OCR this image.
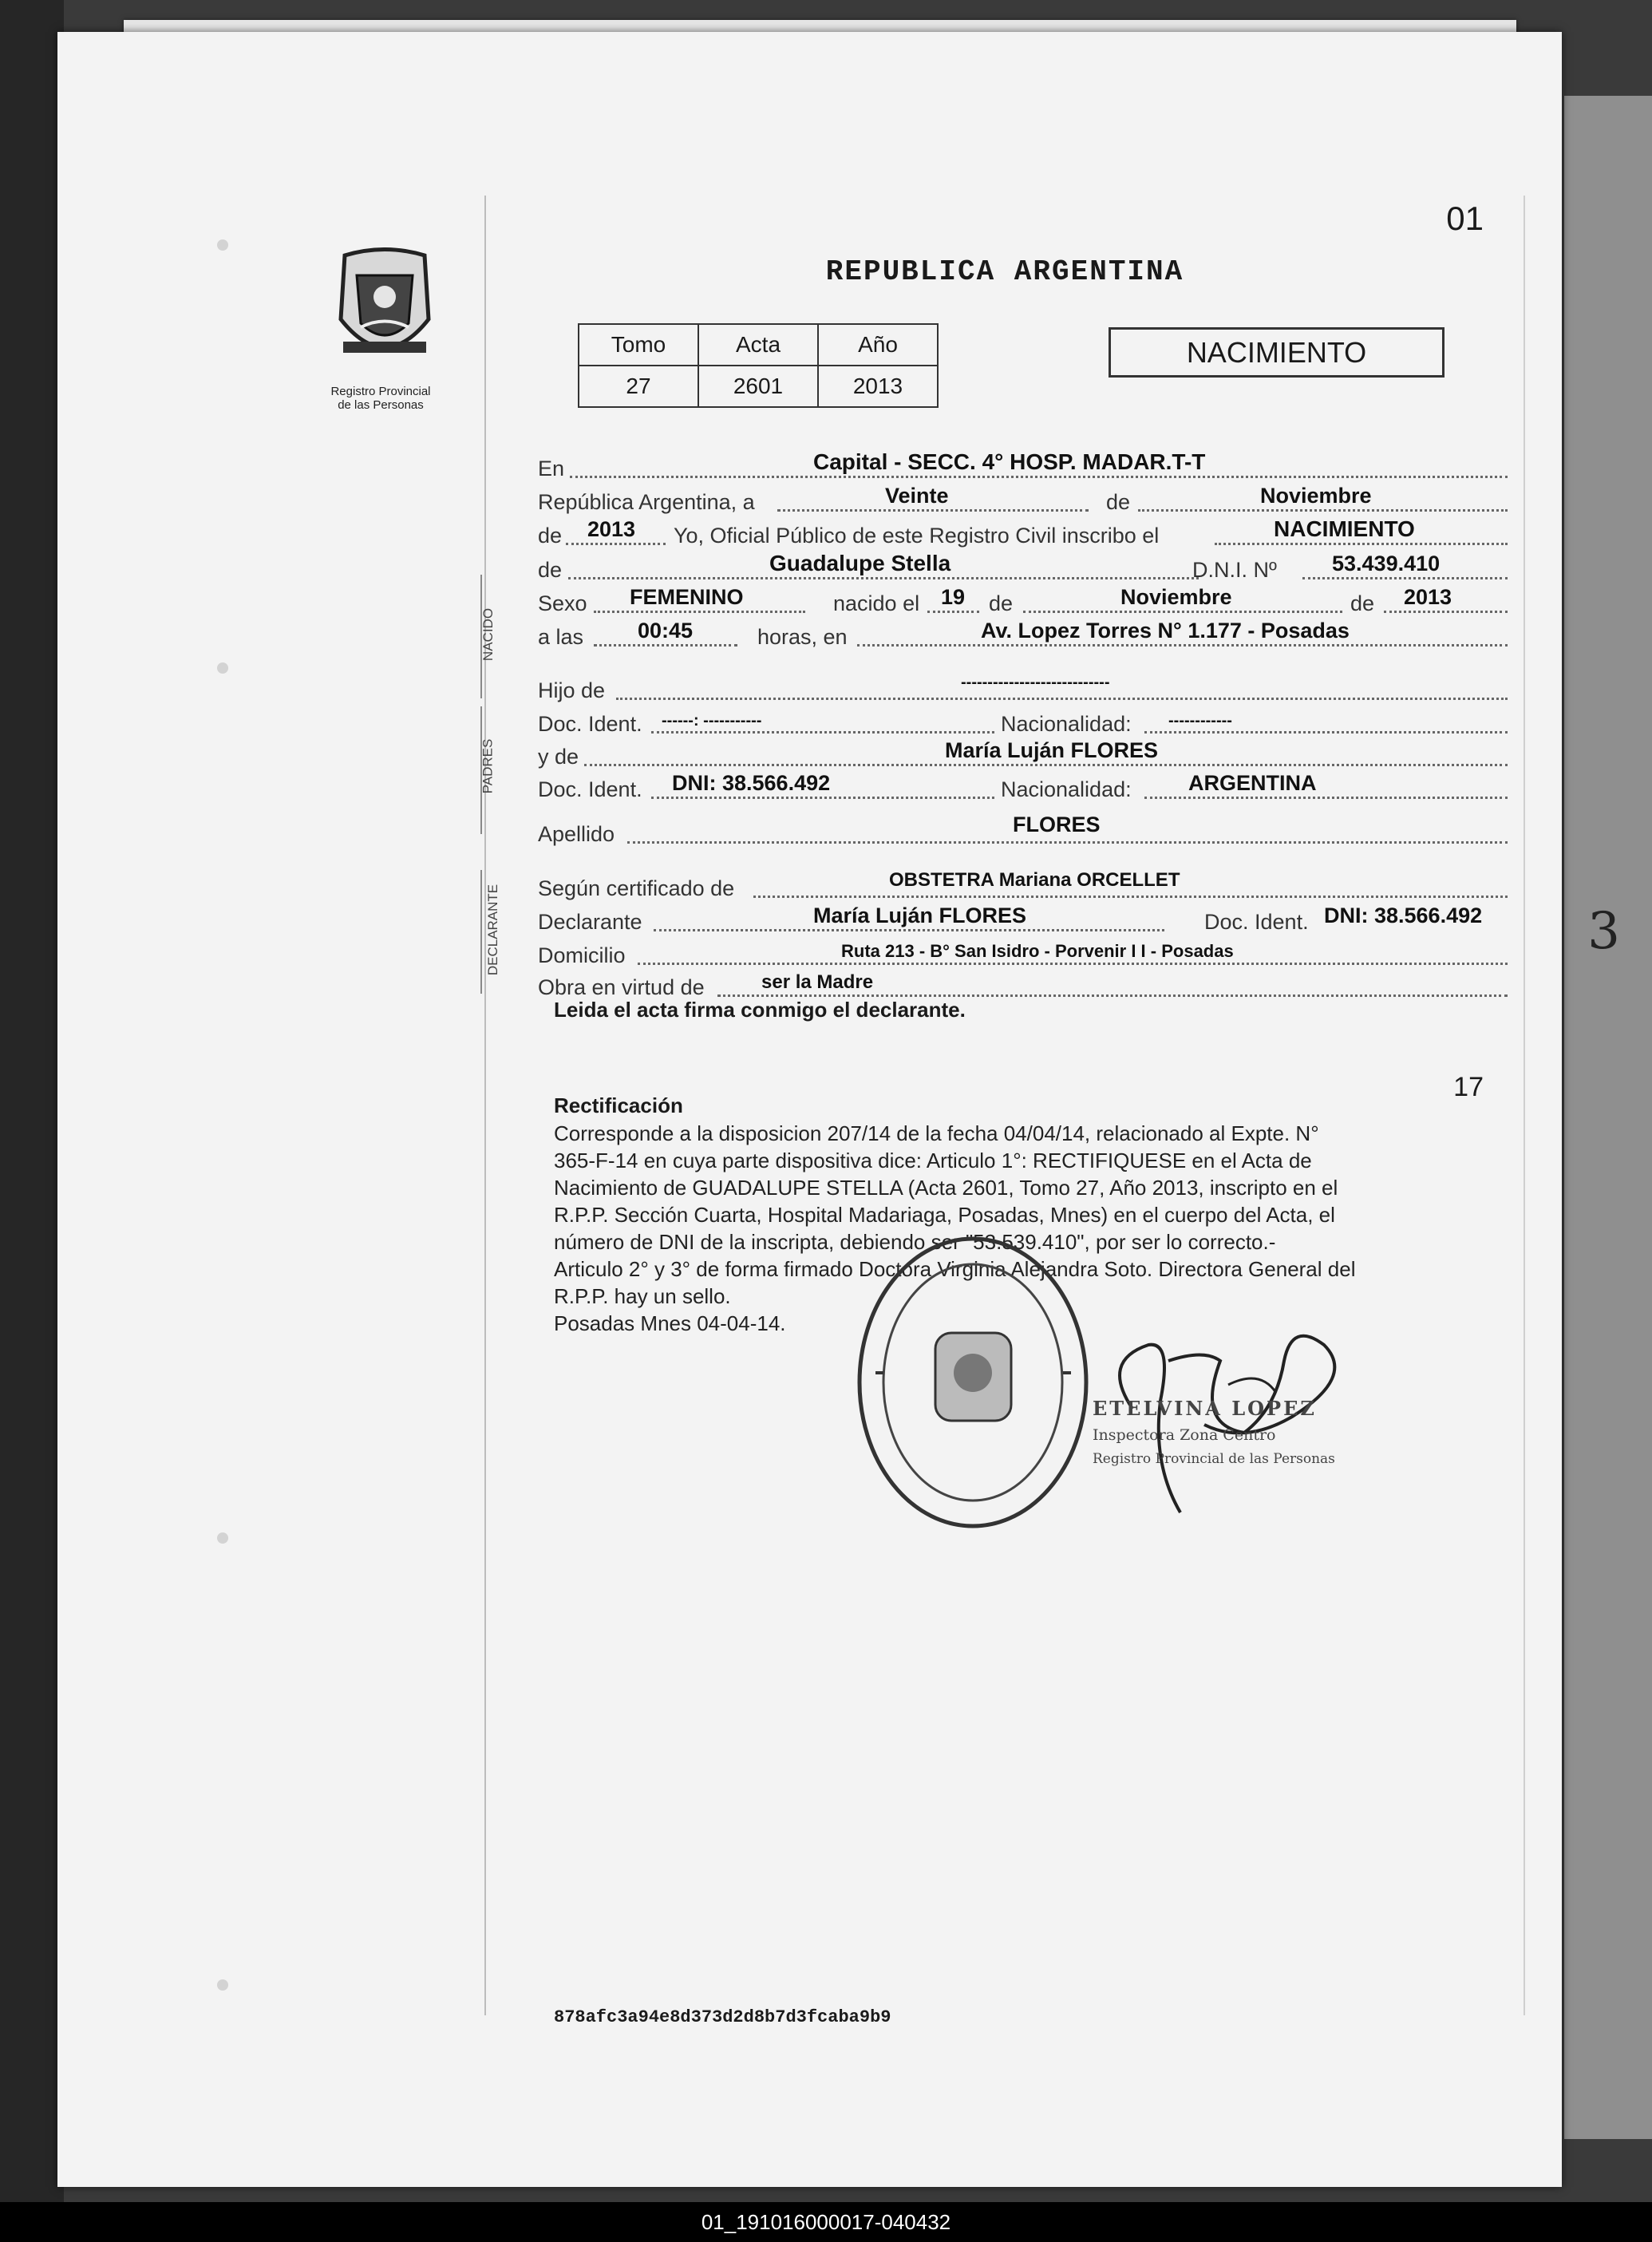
3
Registro Provincial
de las Personas
01
REPUBLICA ARGENTINA
Tomo	Acta	Año
27	2601	2013
NACIMIENTO
NACIDO
PADRES
DECLARANTE
En	Capital - SECC. 4° HOSP. MADAR.T-T
República Argentina, a	Veinte	de	Noviembre
de 2013 Yo, Oficial Público de este Registro Civil inscribo el	NACIMIENTO
de	Guadalupe Stella	D.N.I. Nº	53.439.410
Sexo FEMENINO	nacido el 19 de	Noviembre	de 2013
a las	00:45	horas, en	Av. Lopez Torres N° 1.177 - Posadas
Hijo de	----------------------------
Doc. Ident. ------: -----------	Nacionalidad: ------------
y de	María Luján FLORES
Doc. Ident. DNI: 38.566.492	Nacionalidad:	ARGENTINA
Apellido	FLORES
Según certificado de	OBSTETRA Mariana ORCELLET
Declarante	María Luján FLORES	Doc. Ident. DNI: 38.566.492
Domicilio	Ruta 213 - B° San Isidro - Porvenir I I - Posadas
Obra en virtud de	ser la Madre
Leida el acta firma conmigo el declarante.
17
Rectificación

Corresponde a la disposicion 207/14 de la fecha 04/04/14, relacionado al Expte. N°

365-F-14 en cuya parte dispositiva dice: Articulo 1°: RECTIFIQUESE en el Acta de

Nacimiento de GUADALUPE STELLA (Acta 2601, Tomo 27, Año 2013, inscripto en el

R.P.P. Sección Cuarta, Hospital Madariaga, Posadas, Mnes) en el cuerpo del Acta, el

número de DNI de la inscripta, debiendo ser "53.539.410", por ser lo correcto.-

Articulo 2° y 3° de forma firmado Doctora Virginia Alejandra Soto. Directora General del

R.P.P. hay un sello.

Posadas Mnes 04-04-14.

ETELVINA LOPEZ
Inspectora Zona Centro
Registro Provincial de las Personas
878afc3a94e8d373d2d8b7d3fcaba9b9
01_191016000017-040432
